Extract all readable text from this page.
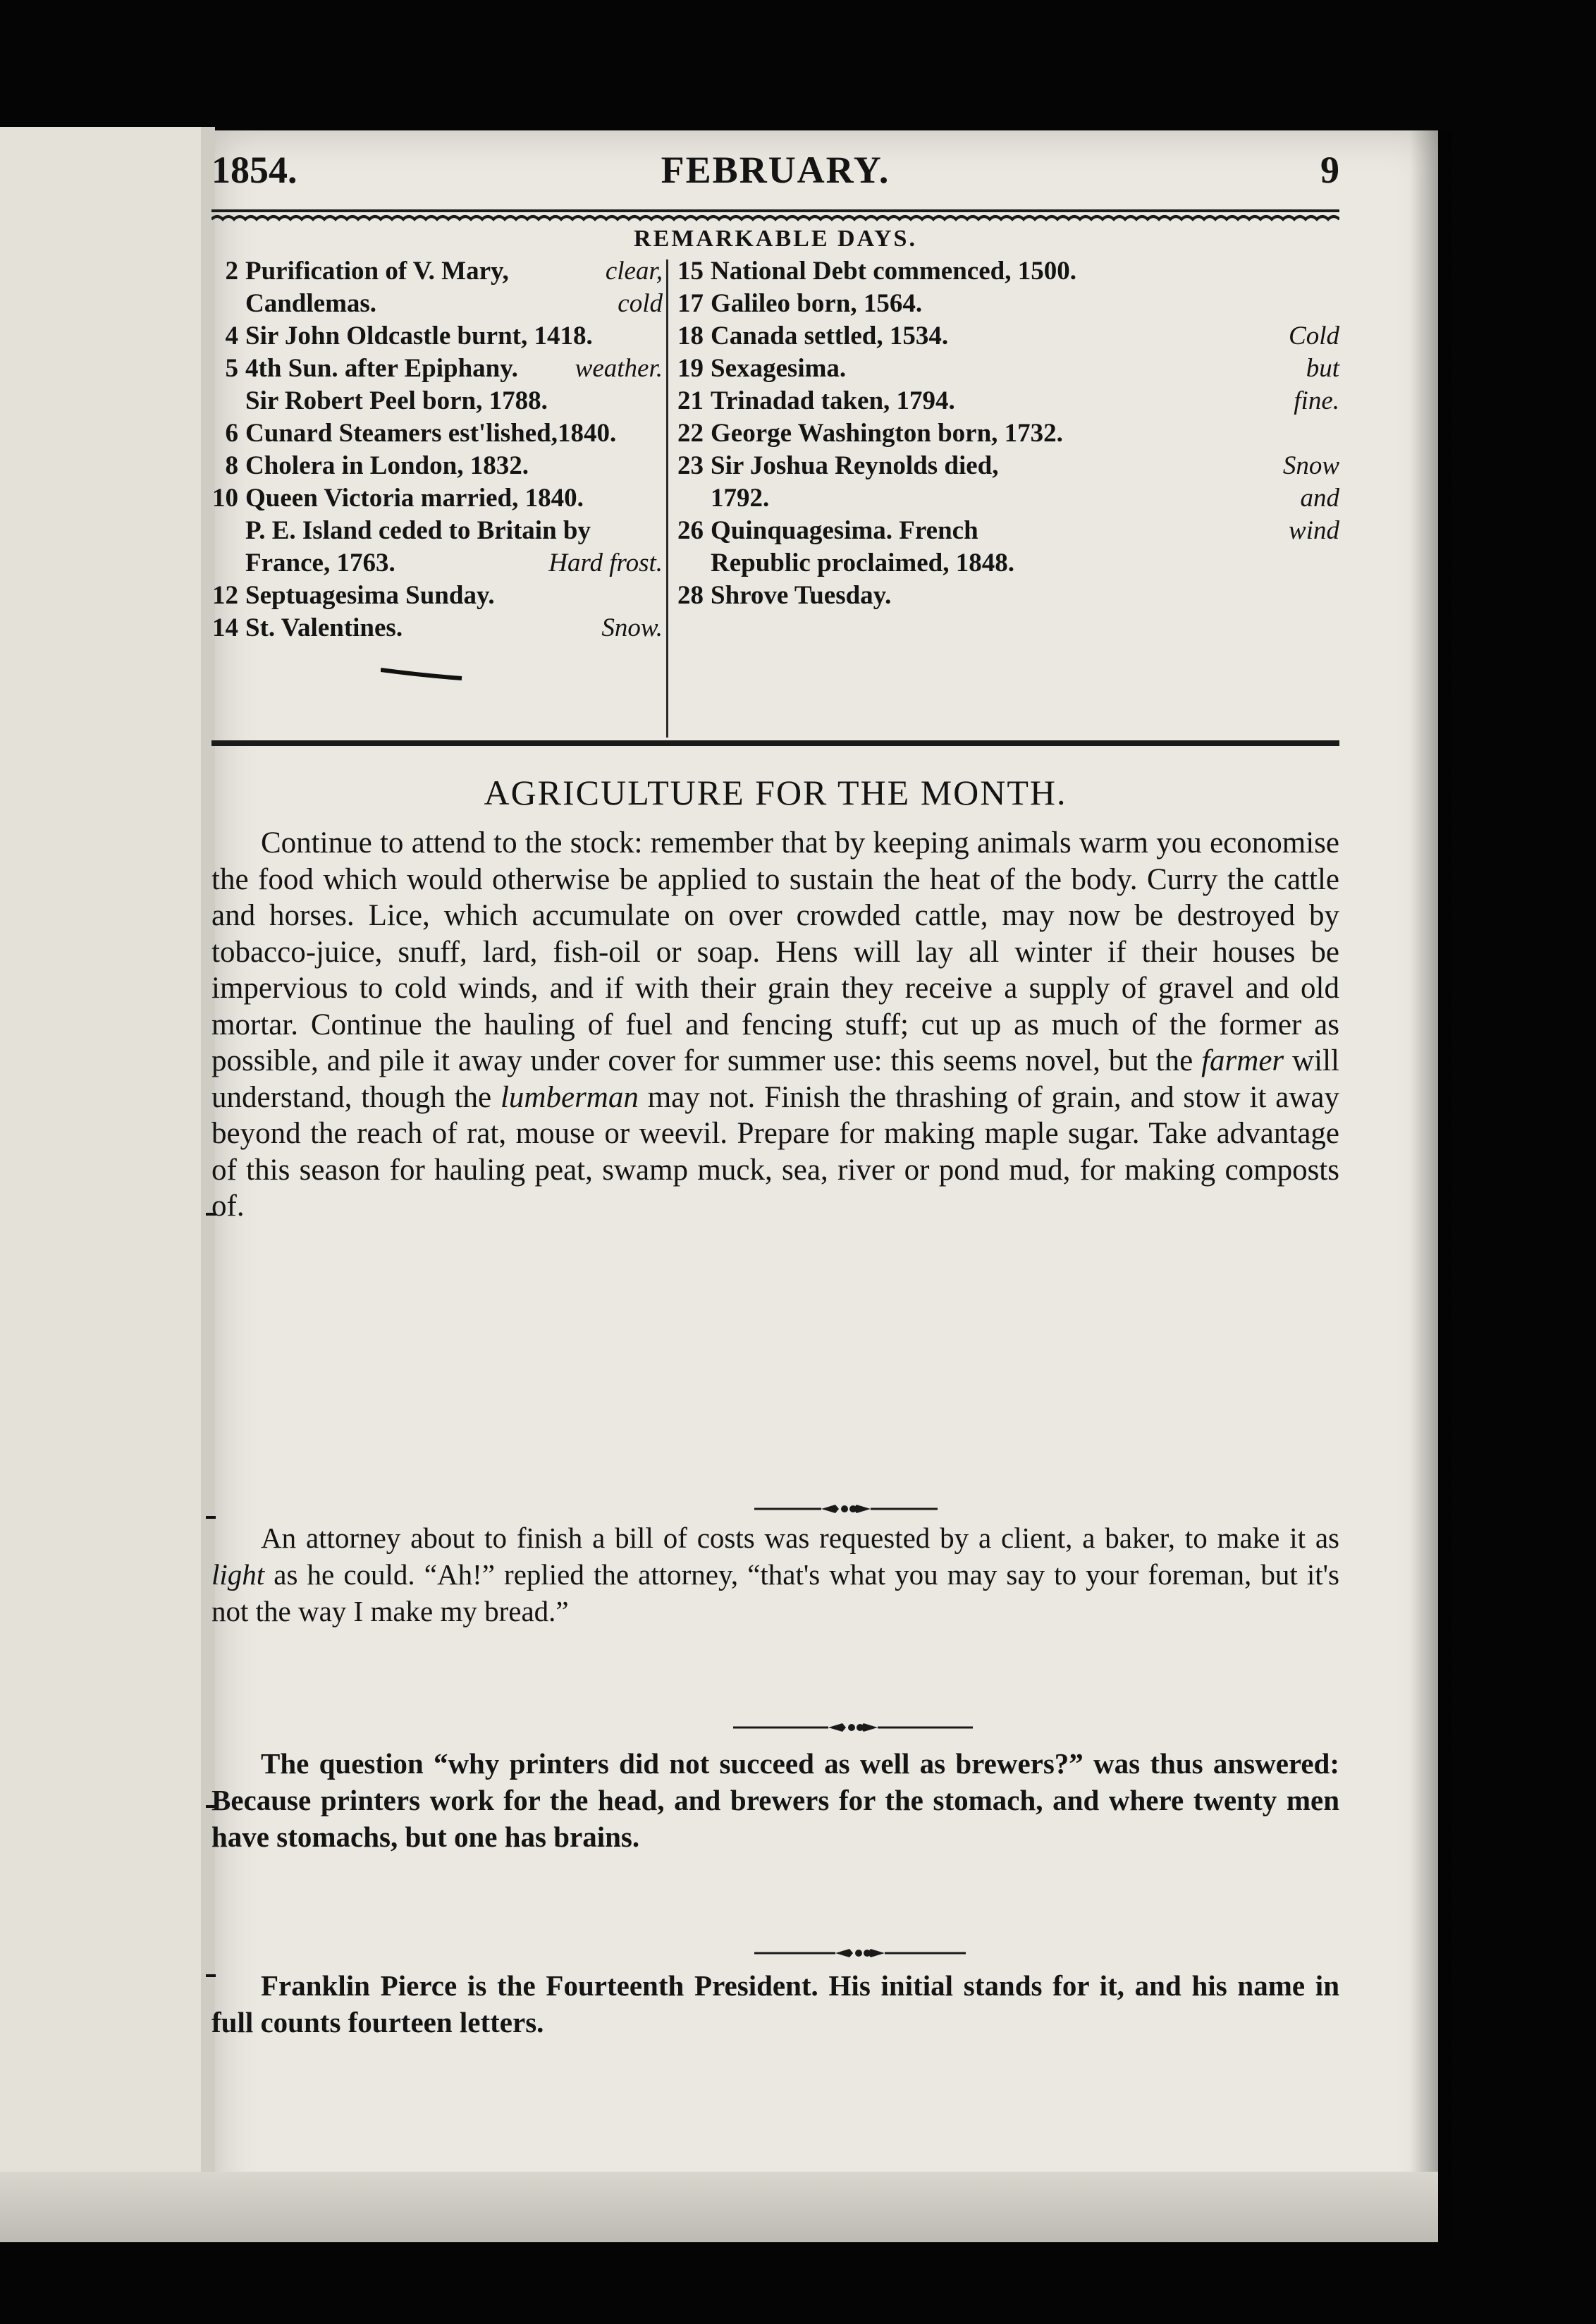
1854.	FEBRUARY.	9
REMARKABLE DAYS.
2 Purification of V. Mary,	clear,
Candlemas.	cold
4 Sir John Oldcastle burnt, 1418.
5 4th Sun. after Epiphany. weather.
Sir Robert Peel born, 1788.
6 Cunard Steamers est'lished,1840.
8 Cholera in London, 1832.
10 Queen Victoria married, 1840.
P. E. Island ceded to Britain by
France, 1763.	Hard frost.
12 Septuagesima Sunday.
14 St. Valentines.	Snow.
15 National Debt commenced, 1500.
17 Galileo born, 1564.
18 Canada settled, 1534.	Cold
19 Sexagesima.	but
21 Trinadad taken, 1794.	fine.
22 George Washington born, 1732.
23 Sir Joshua Reynolds died,	Snow
1792.	and
26 Quinquagesima. French	wind
Republic proclaimed, 1848.
28 Shrove Tuesday.
AGRICULTURE FOR THE MONTH.
Continue to attend to the stock: remember that by keeping animals warm you economise the food which would otherwise be applied to sustain the heat of the body. Curry the cattle and horses. Lice, which accumulate on over crowded cattle, may now be destroyed by tobacco-juice, snuff, lard, fish-oil or soap. Hens will lay all winter if their houses be impervious to cold winds, and if with their grain they receive a supply of gravel and old mortar. Continue the hauling of fuel and fencing stuff; cut up as much of the former as possible, and pile it away under cover for summer use: this seems novel, but the farmer will understand, though the lumberman may not. Finish the thrashing of grain, and stow it away beyond the reach of rat, mouse or weevil. Prepare for making maple sugar. Take advantage of this season for hauling peat, swamp muck, sea, river or pond mud, for making composts of.
An attorney about to finish a bill of costs was requested by a client, a baker, to make it as light as he could. “Ah!” replied the attorney, “that's what you may say to your foreman, but it's not the way I make my bread.”
The question “why printers did not succeed as well as brewers?” was thus answered: Because printers work for the head, and brewers for the stomach, and where twenty men have stomachs, but one has brains.
Franklin Pierce is the Fourteenth President. His initial stands for it, and his name in full counts fourteen letters.
